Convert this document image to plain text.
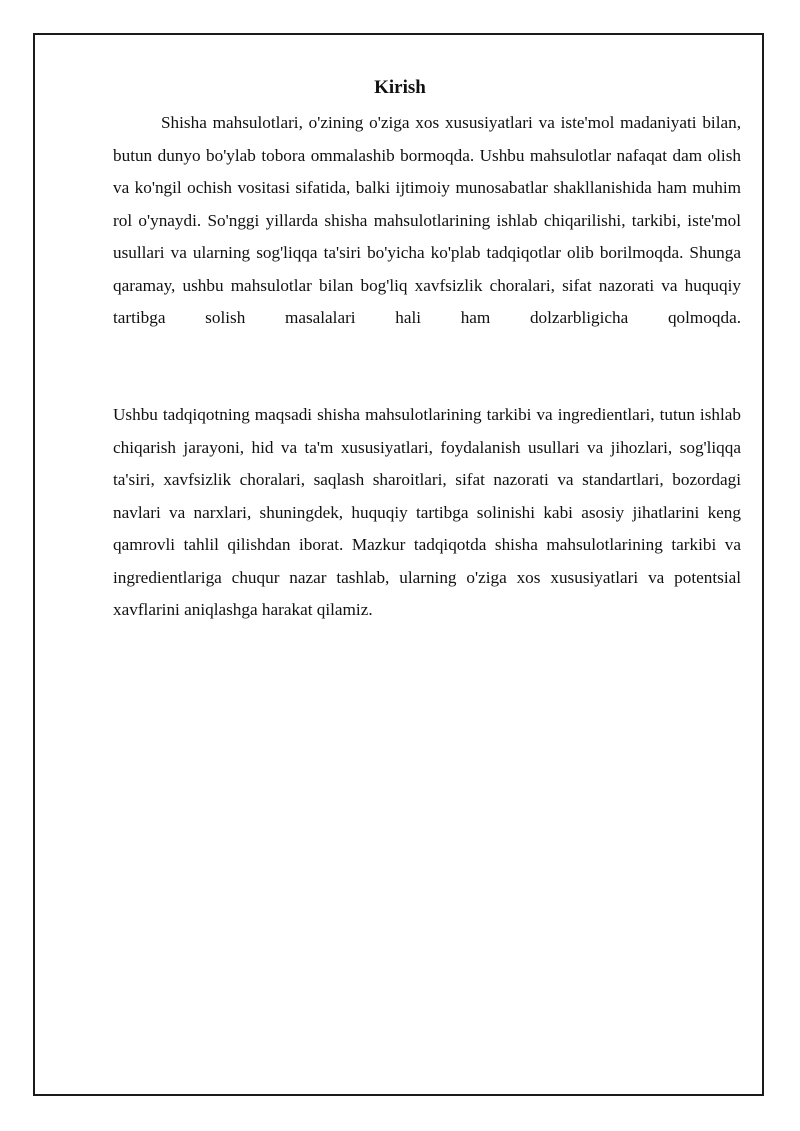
Kirish

Shisha mahsulotlari, o'zining o'ziga xos xususiyatlari va iste'mol madaniyati bilan, butun dunyo bo'ylab tobora ommalashib bormoqda. Ushbu mahsulotlar nafaqat dam olish va ko'ngil ochish vositasi sifatida, balki ijtimoiy munosabatlar shakllanishida ham muhim rol o'ynaydi. So'nggi yillarda shisha mahsulotlarining ishlab chiqarilishi, tarkibi, iste'mol usullari va ularning sog'liqqa ta'siri bo'yicha ko'plab tadqiqotlar olib borilmoqda. Shunga qaramay, ushbu mahsulotlar bilan bog'liq xavfsizlik choralari, sifat nazorati va huquqiy tartibga solish masalalari hali ham dolzarbligicha qolmoqda.

Ushbu tadqiqotning maqsadi shisha mahsulotlarining tarkibi va ingredientlari, tutun ishlab chiqarish jarayoni, hid va ta'm xususiyatlari, foydalanish usullari va jihozlari, sog'liqqa ta'siri, xavfsizlik choralari, saqlash sharoitlari, sifat nazorati va standartlari, bozordagi navlari va narxlari, shuningdek, huquqiy tartibga solinishi kabi asosiy jihatlarini keng qamrovli tahlil qilishdan iborat. Mazkur tadqiqotda shisha mahsulotlarining tarkibi va ingredientlariga chuqur nazar tashlab, ularning o'ziga xos xususiyatlari va potentsial xavflarini aniqlashga harakat qilamiz.
